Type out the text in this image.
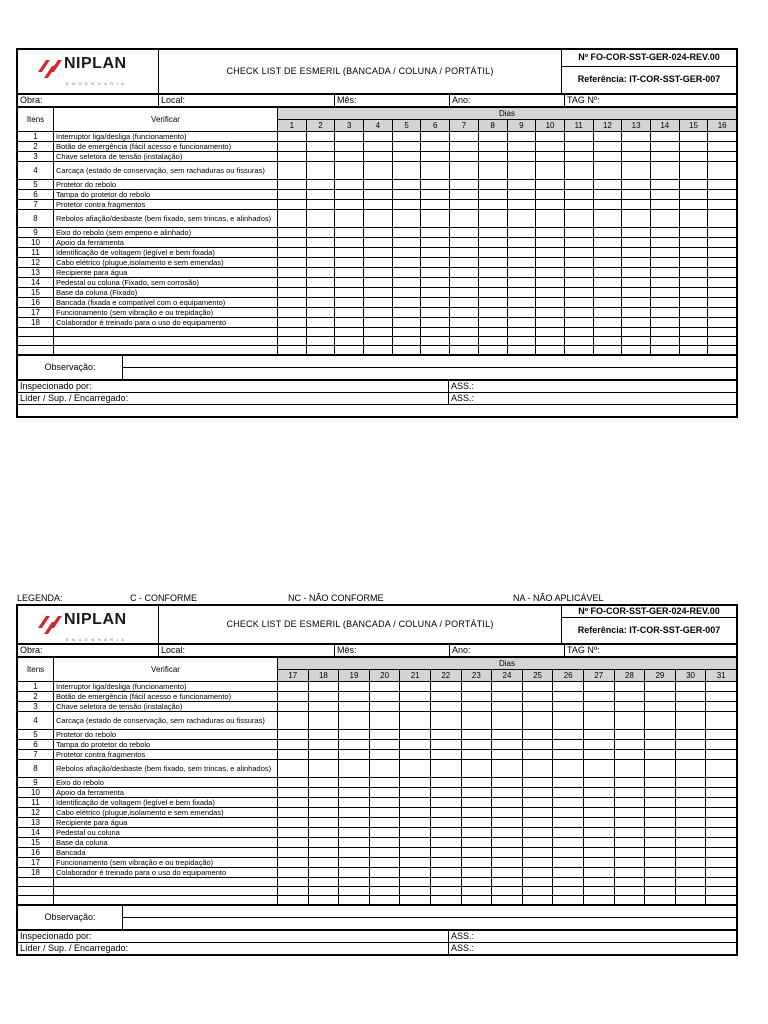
NIPLAN
ENGENHARIA
	CHECK LIST DE ESMERIL (BANCADA / COLUNA / PORTÁTIL)	Nº FO-COR-SST-GER-024-REV.00
Referência: IT-COR-SST-GER-007
Obra:	Local:	Mês:	Ano:	TAG Nº:
Itens	Verificar	Dias															
		1	2	3	4	5	6	7	8	9	10	11	12	13	14	15	16
1	Interruptor liga/desliga (funcionamento)																
2	Botão de emergência (fácil acesso e funcionamento)																
3	Chave seletora de tensão (instalação)																
4	Carcaça (estado de conservação, sem rachaduras ou fissuras)																
5	Protetor do rebolo																
6	Tampa do protetor do rebolo																
7	Protetor contra fragmentos																
8	Rebolos afiação/desbaste (bem fixado, sem trincas, e alinhados)																
9	Eixo do rebolo (sem empeno e alinhado)																
10	Apoio da ferramenta																
11	Identificação de voltagem (legível e bem fixada)																
12	Cabo elétrico (plugue,isolamento e sem emendas)																
13	Recipiente para água																
14	Pedestal ou coluna (Fixado, sem corrosão)																
15	Base da coluna (Fixado)																
16	Bancada (fixada e compatível com o equipamento)																
17	Funcionamento (sem vibração e ou trepidação)																
18	Colaborador é treinado para o uso do equipamento																

Observação:	

Inspecionado por:	ASS.:
Líder / Sup. / Encarregado:	ASS.:

LEGENDA:	C - CONFORME	NC - NÃO CONFORME	NA - NÃO APLICÁVEL
NIPLAN
ENGENHARIA
	CHECK LIST DE ESMERIL (BANCADA / COLUNA / PORTÁTIL)	Nº FO-COR-SST-GER-024-REV.00
Referência: IT-COR-SST-GER-007
Obra:	Local:	Mês:	Ano:	TAG Nº:
Itens	Verificar	Dias														
		17	18	19	20	21	22	23	24	25	26	27	28	29	30	31
1	Interruptor liga/desliga (funcionamento)															
2	Botão de emergência (fácil acesso e funcionamento)															
3	Chave seletora de tensão (instalação)															
4	Carcaça (estado de conservação, sem rachaduras ou fissuras)															
5	Protetor do rebolo															
6	Tampa do protetor do rebolo															
7	Protetor contra fragmentos															
8	Rebolos afiação/desbaste (bem fixado, sem trincas, e alinhados)															
9	Eixo do rebolo															
10	Apoio da ferramenta															
11	Identificação de voltagem (legível e bem fixada)															
12	Cabo elétrico (plugue,isolamento e sem emendas)															
13	Recipiente para água															
14	Pedestal ou coluna															
15	Base da coluna															
16	Bancada															
17	Funcionamento (sem vibração e ou trepidação)															
18	Colaborador é treinado para o uso do equipamento															

Observação:	

Inspecionado por:	ASS.:
Líder / Sup. / Encarregado:	ASS.:
